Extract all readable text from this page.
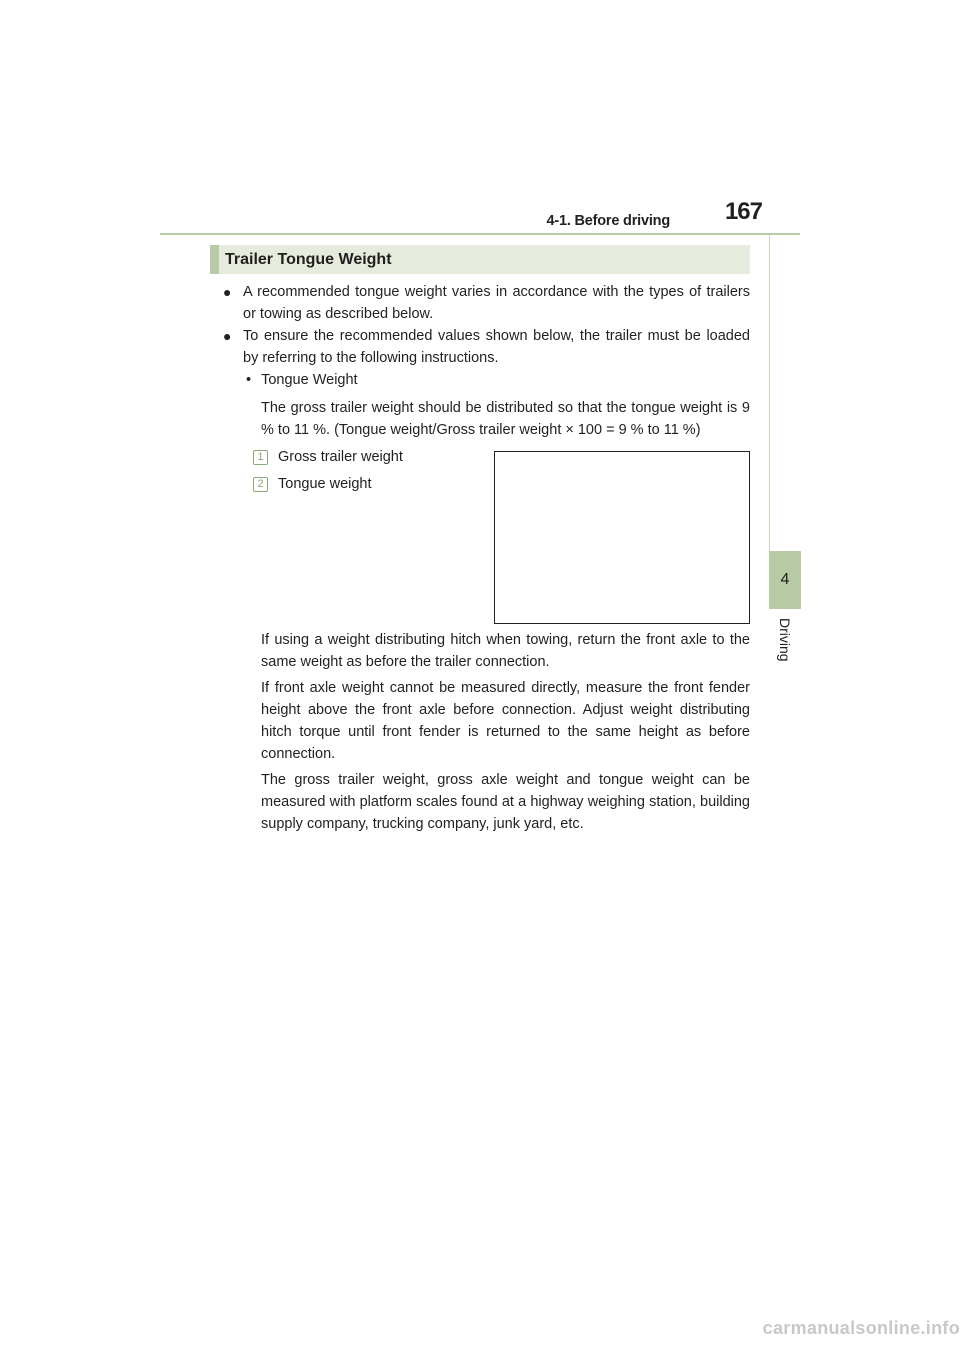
4-1. Before driving 167
4
Driving
Trailer Tongue Weight
● A recommended tongue weight varies in accordance with the types of trailers or towing as described below.
● To ensure the recommended values shown below, the trailer must be loaded by referring to the following instructions.
• Tongue Weight
The gross trailer weight should be distributed so that the tongue weight is 9 % to 11 %. (Tongue weight/Gross trailer weight × 100 = 9 % to 11 %)
1 Gross trailer weight
2 Tongue weight
If using a weight distributing hitch when towing, return the front axle to the same weight as before the trailer connection.
If front axle weight cannot be measured directly, measure the front fender height above the front axle before connection. Adjust weight distributing hitch torque until front fender is returned to the same height as before connection.
The gross trailer weight, gross axle weight and tongue weight can be measured with platform scales found at a highway weighing station, building supply company, trucking company, junk yard, etc.
carmanualsonline.info
